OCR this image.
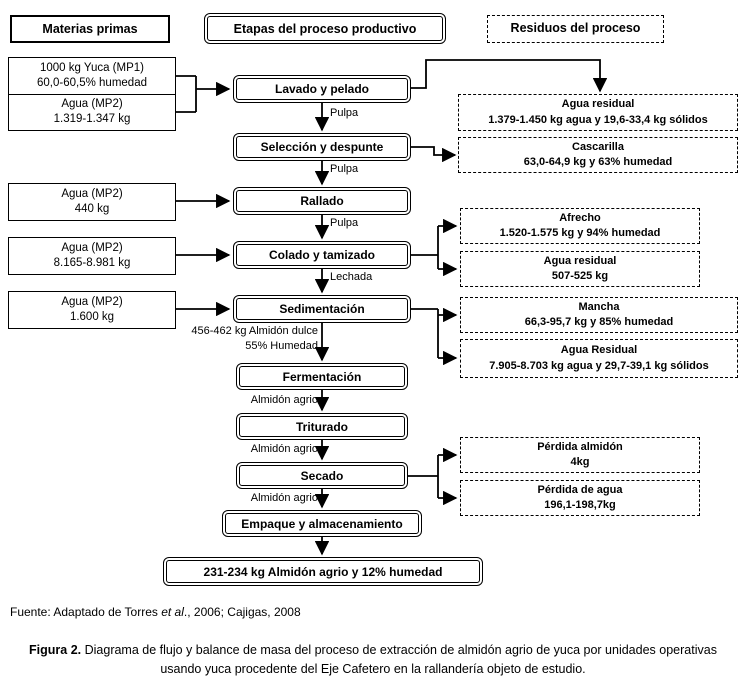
Materias primas	Etapas del proceso productivo	Residuos del proceso
1000 kg Yuca (MP1)
60,0-60,5% humedad
Agua (MP2)
1.319-1.347 kg
Agua (MP2)
440 kg
Agua (MP2)
8.165-8.981 kg
Agua (MP2)
1.600 kg
Lavado y pelado
Selección y despunte
Rallado
Colado y tamizado
Sedimentación
Fermentación
Triturado
Secado
Empaque y almacenamiento
231-234 kg Almidón agrio y 12% humedad
Pulpa
Pulpa
Pulpa
Lechada
456-462 kg Almidón dulce
55% Humedad
Almidón agrio
Almidón agrio
Almidón agrio
Agua residual
1.379-1.450 kg agua y 19,6-33,4 kg sólidos
Cascarilla
63,0-64,9 kg y 63% humedad
Afrecho
1.520-1.575 kg y 94% humedad
Agua residual
507-525 kg
Mancha
66,3-95,7 kg y 85% humedad
Agua Residual
7.905-8.703 kg agua y 29,7-39,1 kg sólidos
Pérdida almidón
4kg
Pérdida de agua
196,1-198,7kg
Fuente: Adaptado de Torres et al., 2006; Cajigas, 2008
Figura 2. Diagrama de flujo y balance de masa del proceso de extracción de almidón agrio de yuca por unidades operativas usando yuca procedente del Eje Cafetero en la rallandería objeto de estudio.
